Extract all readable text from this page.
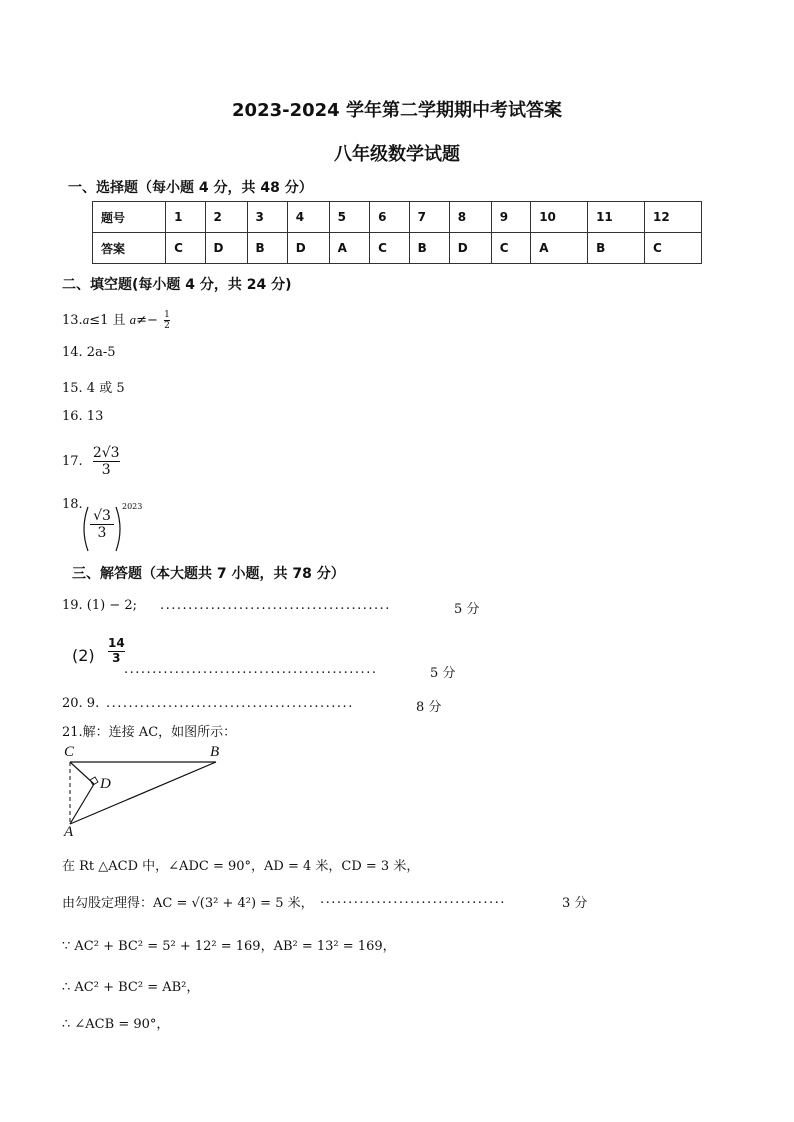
2023-2024 学年第二学期期中考试答案
八年级数学试题
一、选择题（每小题 4 分，共 48 分）
题号	1	2	3	4	5	6	7	8	9	10	11	12
答案	C	D	B	D	A	C	B	D	C	A	B	C
二、填空题(每小题 4 分，共 24 分)
13.a≤1 且 $a\ne- \frac{1}{2}$
14. 2a-5
15. 4 或 5
16. 13
17. $\frac{2√3}{3}$
18.
$\frac{√3}{3}$
2023
三、解答题（本大题共 7 小题，共 78 分）
19. (1) − 2; .........................................	5 分
$(2) \frac{14}{3}$
.............................................	5 分
20. 9. ............................................	8 分
21.解：连接 AC，如图所示：
C	B
D
A
在 Rt △ACD 中，∠ADC = 90°，AD = 4 米，CD = 3 米，
由勾股定理得：AC = √(3² + 4²) = 5 米， .................................	3 分
∵ AC² + BC² = 5² + 12² = 169，AB² = 13² = 169，
∴ AC² + BC² = AB²，
∴ ∠ACB = 90°，
